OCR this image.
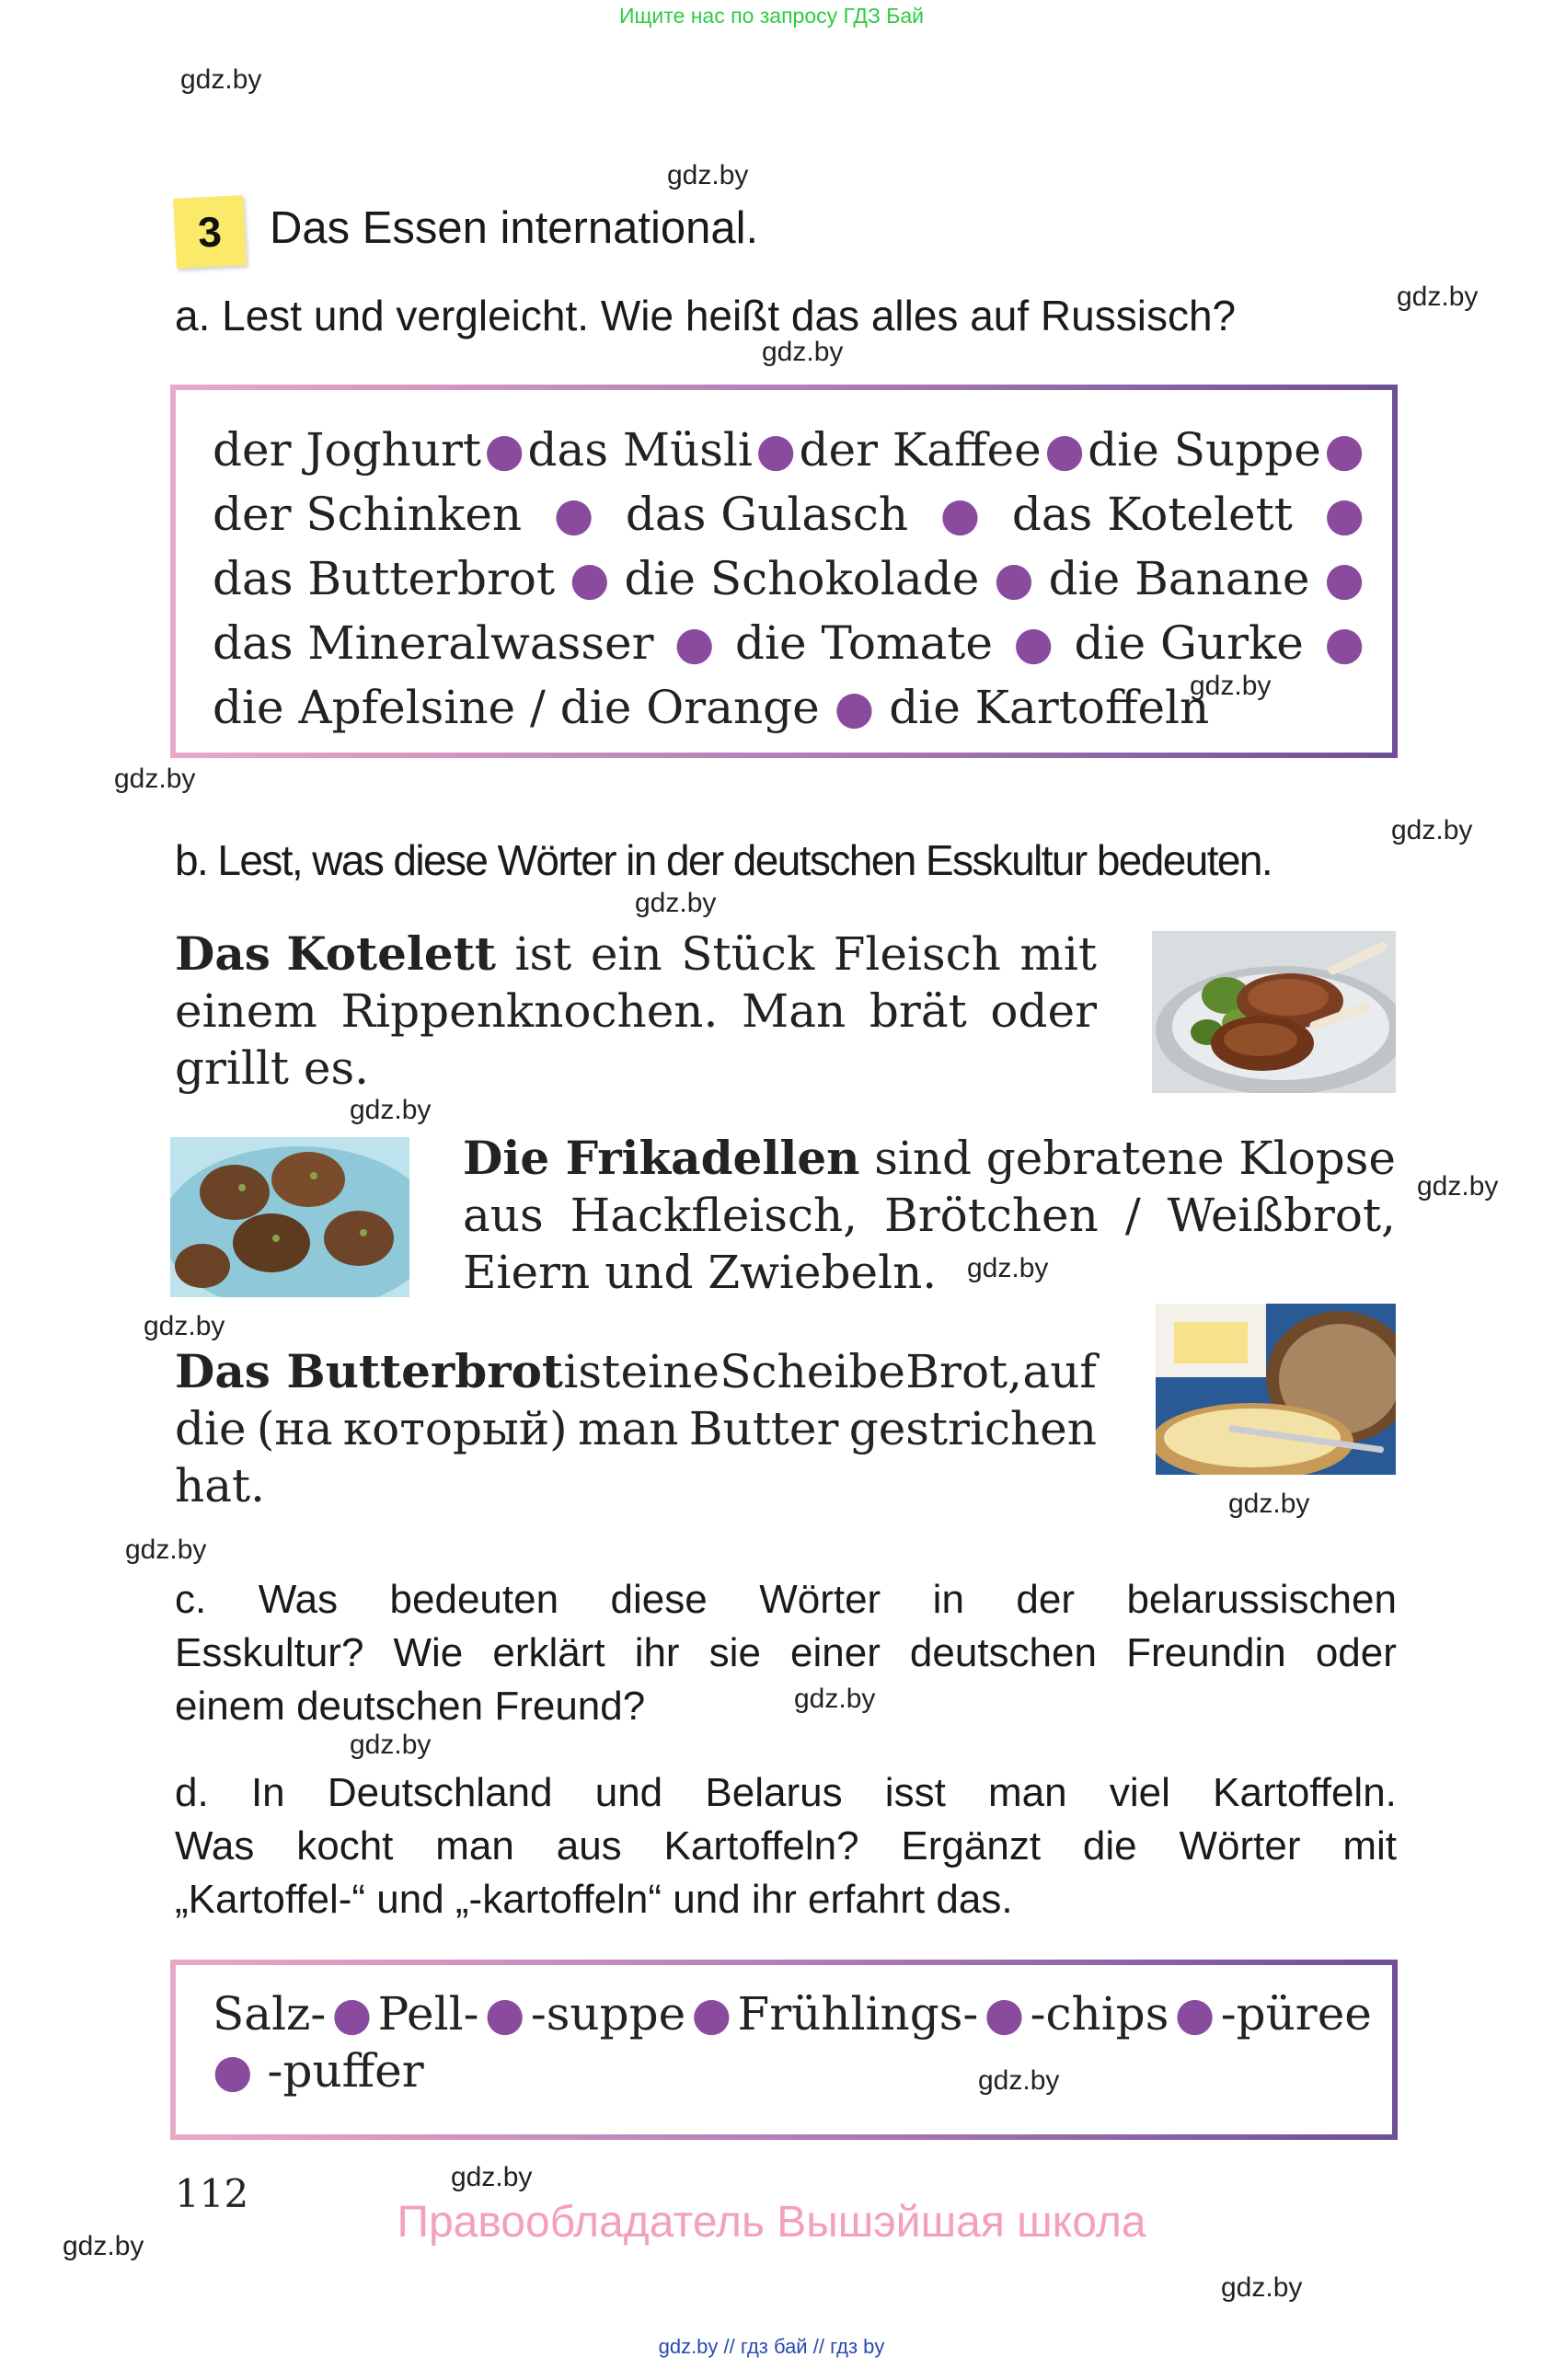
Ищите нас по запросу ГДЗ Бай
gdz.by
gdz.by
gdz.by
gdz.by
gdz.by
gdz.by
gdz.by
gdz.by
gdz.by
gdz.by
gdz.by
gdz.by
gdz.by
gdz.by
gdz.by
gdz.by
gdz.by
gdz.by
gdz.by
gdz.by
3	Das Essen international.
a. Lest und vergleicht. Wie heißt das alles auf Russisch?
der Joghurt ● das Müsli ● der Kaffee ● die Suppe ●
der Schinken ● das Gulasch ● das Kotelett ●
das Butterbrot ● die Schokolade ● die Banane ●
das Mineralwasser ● die Tomate ● die Gurke ●
die Apfelsine / die Orange ● die Kartoffeln
b. Lest, was diese Wörter in der deutschen Esskultur bedeuten.
Das Kotelett ist ein Stück Fleisch mit
einem Rippenknochen. Man brät oder
grillt es.
Die Frikadellen sind gebratene Klopse
aus Hackfleisch, Brötchen / Weißbrot,
Eiern und Zwiebeln.
Das Butterbrot ist eine Scheibe Brot, auf
die (на который) man Butter gestrichen
hat.
c. Was bedeuten diese Wörter in der belarussischen
Esskultur? Wie erklärt ihr sie einer deutschen Freundin oder
einem deutschen Freund?
d. In Deutschland und Belarus isst man viel Kartoffeln.
Was kocht man aus Kartoffeln? Ergänzt die Wörter mit
„Kartoffel-“ und „-kartoffeln“ und ihr erfahrt das.
Salz- ● Pell- ● -suppe ● Frühlings- ● -chips ● -püree
● -puffer
112
Правообладатель Вышэйшая школа
gdz.by // гдз бай // гдз by
